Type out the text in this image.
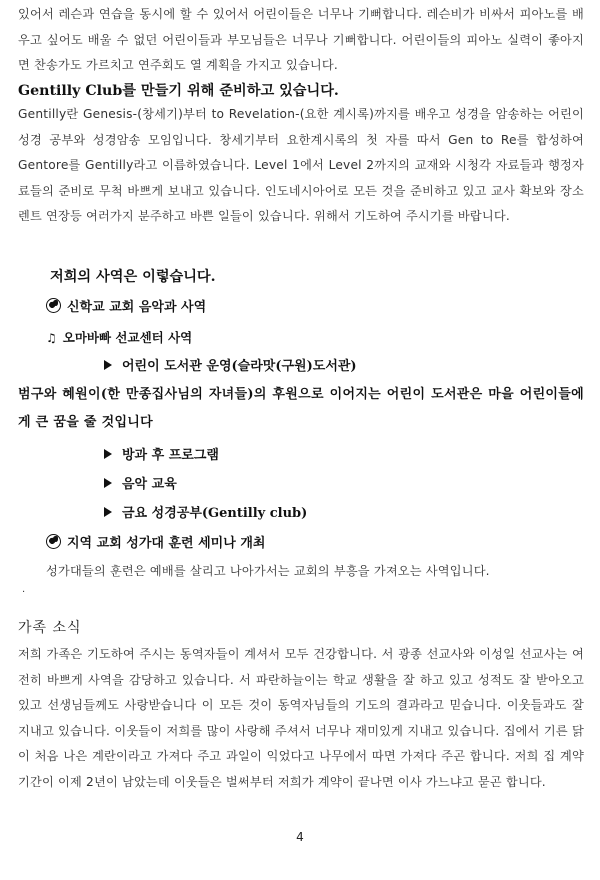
있어서 레슨과 연습을 동시에 할 수 있어서 어린이들은 너무나 기뻐합니다. 레슨비가 비싸서 피아노를 배우고 싶어도 배울 수 없던 어린이들과 부모님들은 너무나 기뻐합니다. 어린이들의 피아노 실력이 좋아지면 찬송가도 가르치고 연주회도 열 계획을 가지고 있습니다.
Gentilly Club를 만들기 위해 준비하고 있습니다.
Gentilly란 Genesis-(창세기)부터 to Revelation-(요한 계시록)까지를 배우고 성경을 암송하는 어린이 성경 공부와 성경암송 모임입니다. 창세기부터 요한계시록의 첫 자를 따서 Gen to Re를 합성하여 Gentore를 Gentilly라고 이름하였습니다. Level 1에서 Level 2까지의 교재와 시청각 자료들과 행정자료들의 준비로 무척 바쁘게 보내고 있습니다. 인도네시아어로 모든 것을 준비하고 있고 교사 확보와 장소 렌트 연장등 여러가지 분주하고 바쁜 일들이 있습니다. 위해서 기도하여 주시기를 바랍니다.
저희의 사역은 이렇습니다.
신학교 교회 음악과 사역
♫ 오마바빠 선교센터 사역
어린이 도서관 운영(슬라맛(구원)도서관)
범구와 혜원이(한 만종집사님의 자녀들)의 후원으로 이어지는 어린이 도서관은 마을 어린이들에게 큰 꿈을 줄 것입니다
방과 후 프로그램
음악 교육
금요 성경공부(Gentilly club)
지역 교회 성가대 훈련 세미나 개최
성가대들의 훈련은 예배를 살리고 나아가서는 교회의 부흥을 가져오는 사역입니다.
.
가족 소식
저희 가족은 기도하여 주시는 동역자들이 계셔서 모두 건강합니다. 서 광종 선교사와 이성일 선교사는 여전히 바쁘게 사역을 감당하고 있습니다. 서 파란하늘이는 학교 생활을 잘 하고 있고 성적도 잘 받아오고 있고 선생님들께도 사랑받습니다 이 모든 것이 동역자님들의 기도의 결과라고 믿습니다. 이웃들과도 잘 지내고 있습니다. 이웃들이 저희를 많이 사랑해 주셔서 너무나 재미있게 지내고 있습니다. 집에서 기른 닭이 처음 나은 계란이라고 가져다 주고 과일이 익었다고 나무에서 따면 가져다 주곤 합니다. 저희 집 계약기간이 이제 2년이 남았는데 이웃들은 벌써부터 저희가 계약이 끝나면 이사 가느냐고 묻곤 합니다.
4
